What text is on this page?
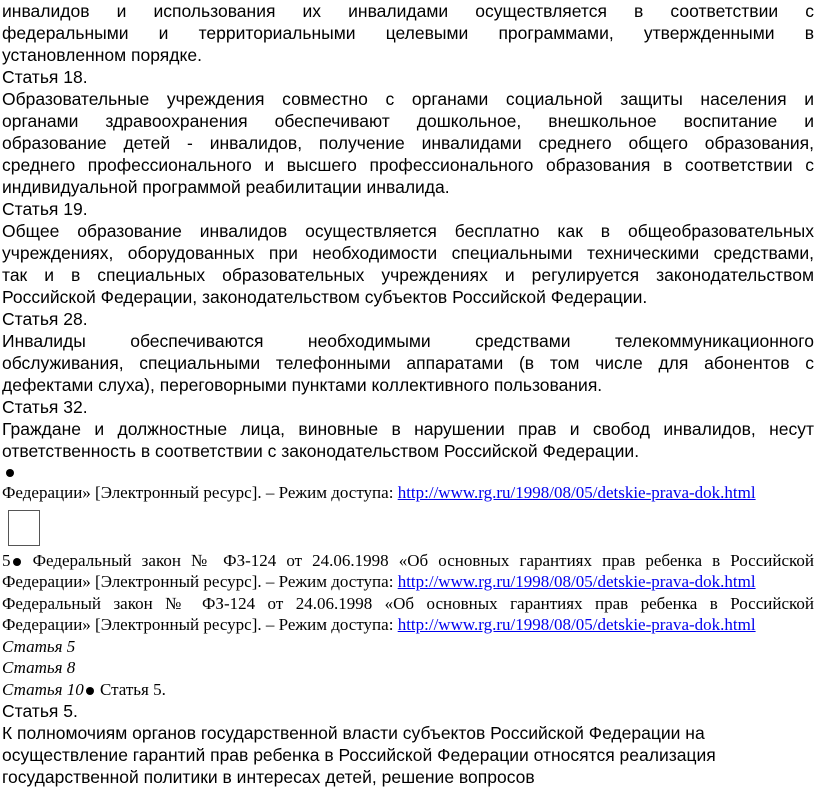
инвалидов и использования их инвалидами осуществляется в соответствии с

федеральными и территориальными целевыми программами, утвержденными в

установленном порядке.

Статья 18.

Образовательные учреждения совместно с органами социальной защиты населения и

органами здравоохранения обеспечивают дошкольное, внешкольное воспитание и

образование детей - инвалидов, получение инвалидами среднего общего образования,

среднего профессионального и высшего профессионального образования в соответствии с

индивидуальной программой реабилитации инвалида.

Статья 19.

Общее образование инвалидов осуществляется бесплатно как в общеобразовательных

учреждениях, оборудованных при необходимости специальными техническими средствами,

так и в специальных образовательных учреждениях и регулируется законодательством

Российской Федерации, законодательством субъектов Российской Федерации.

Статья 28.

Инвалиды обеспечиваются необходимыми средствами телекоммуникационного

обслуживания, специальными телефонными аппаратами (в том числе для абонентов с

дефектами слуха), переговорными пунктами коллективного пользования.

Статья 32.

Граждане и должностные лица, виновные в нарушении прав и свобод инвалидов, несут

ответственность в соответствии с законодательством Российской Федерации.

Федерации» [Электронный ресурс]. – Режим доступа: http://www.rg.ru/1998/08/05/detskie-prava-dok.html

5 Федеральный закон № ФЗ-124 от 24.06.1998 «Об основных гарантиях прав ребенка в Российской

Федерации» [Электронный ресурс]. – Режим доступа: http://www.rg.ru/1998/08/05/detskie-prava-dok.html

Федеральный закон № ФЗ-124 от 24.06.1998 «Об основных гарантиях прав ребенка в Российской

Федерации» [Электронный ресурс]. – Режим доступа: http://www.rg.ru/1998/08/05/detskie-prava-dok.html

Статья 5

Статья 8

Статья 10 Статья 5.

Статья 5.

К полномочиям органов государственной власти субъектов Российской Федерации на

осуществление гарантий прав ребенка в Российской Федерации относятся реализация

государственной политики в интересах детей, решение вопросов
